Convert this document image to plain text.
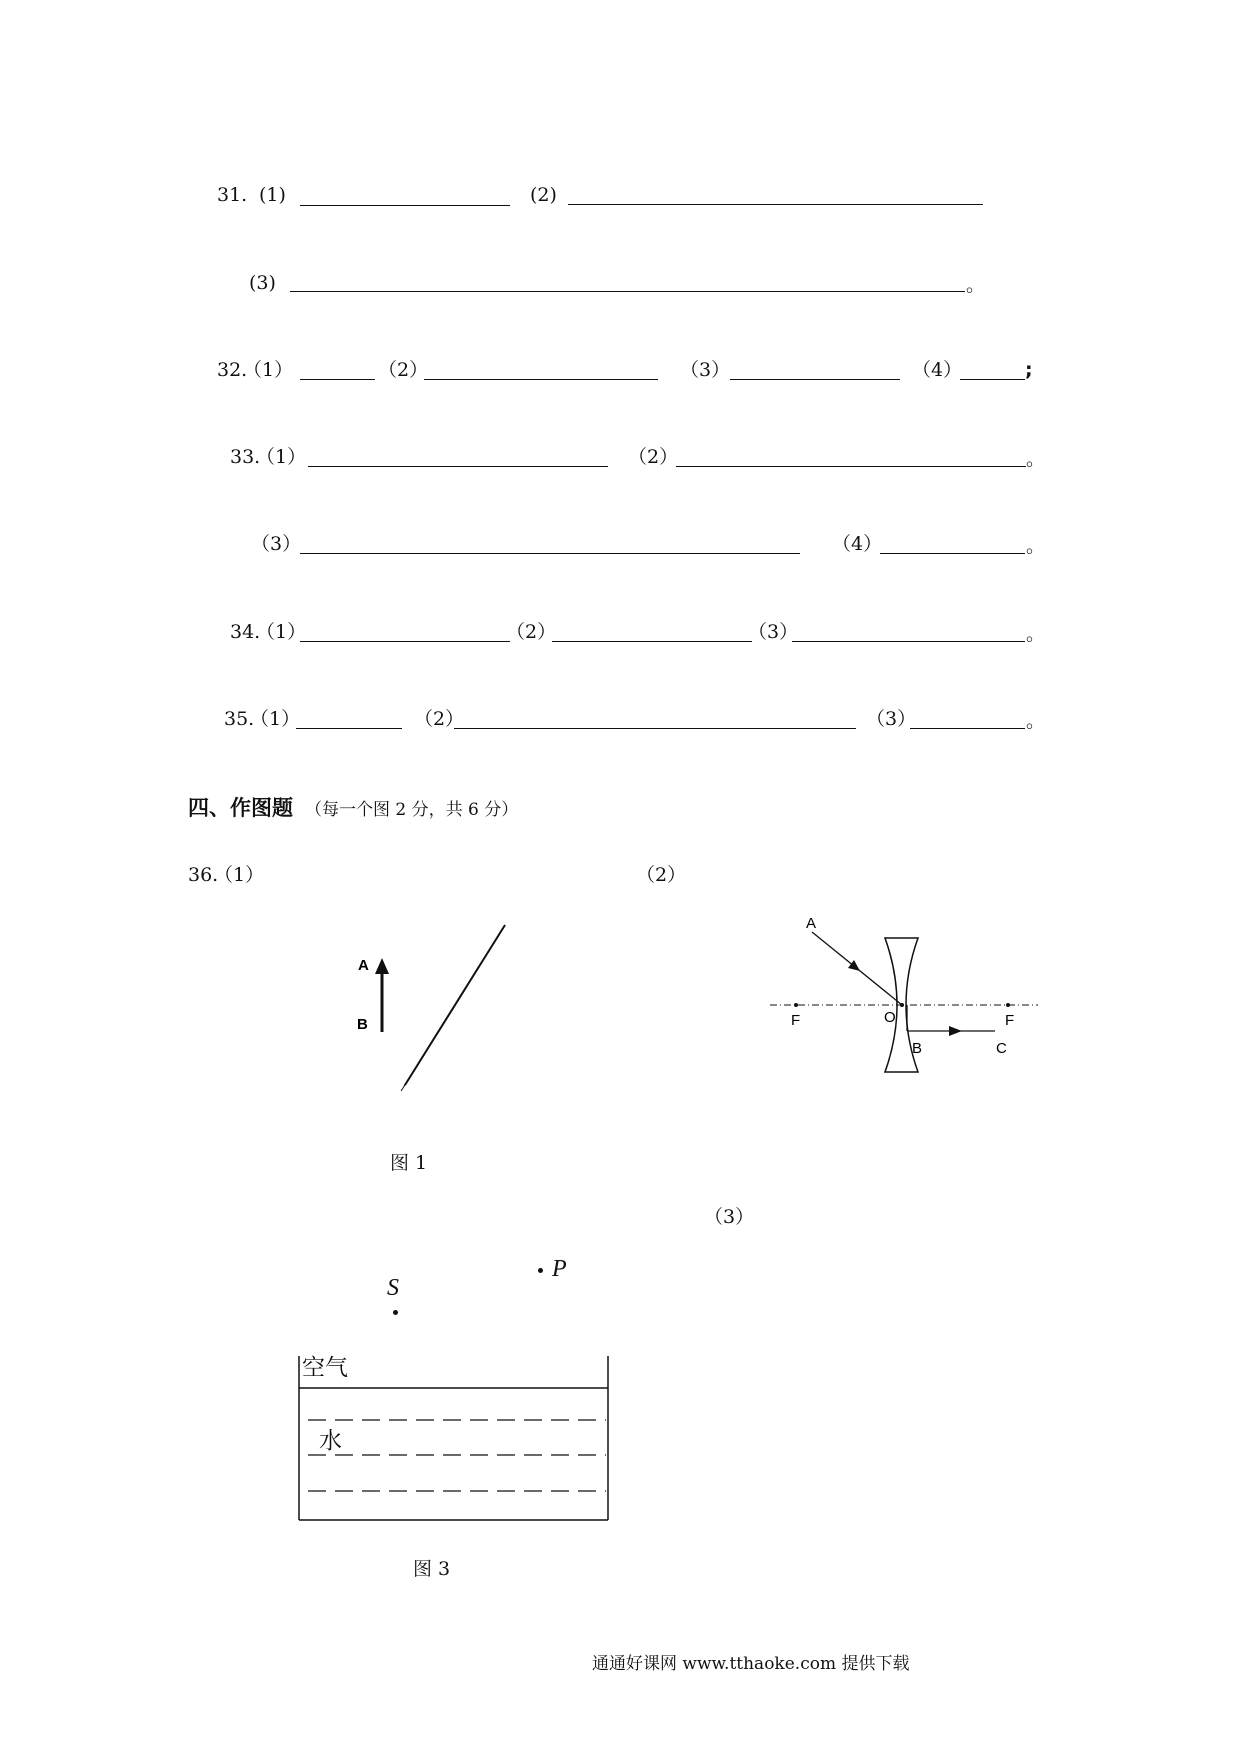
31. (1)	(2)
(3)	。
32.
（1）	（2）	（3）	（4）	;
33.
（1）	（2）	。
（3）	（4）	。
34.
（1）	（2）	（3）	。
35.
（1）	（2）	（3）	。
四、作图题 （每一个图 2 分，共 6 分）
36.
（1）	（2）
（3）
A
B
图 1
A
F	O
B	C
F
S
P
空气
水
图 3
通通好课网 www.tthaoke.com 提供下载
